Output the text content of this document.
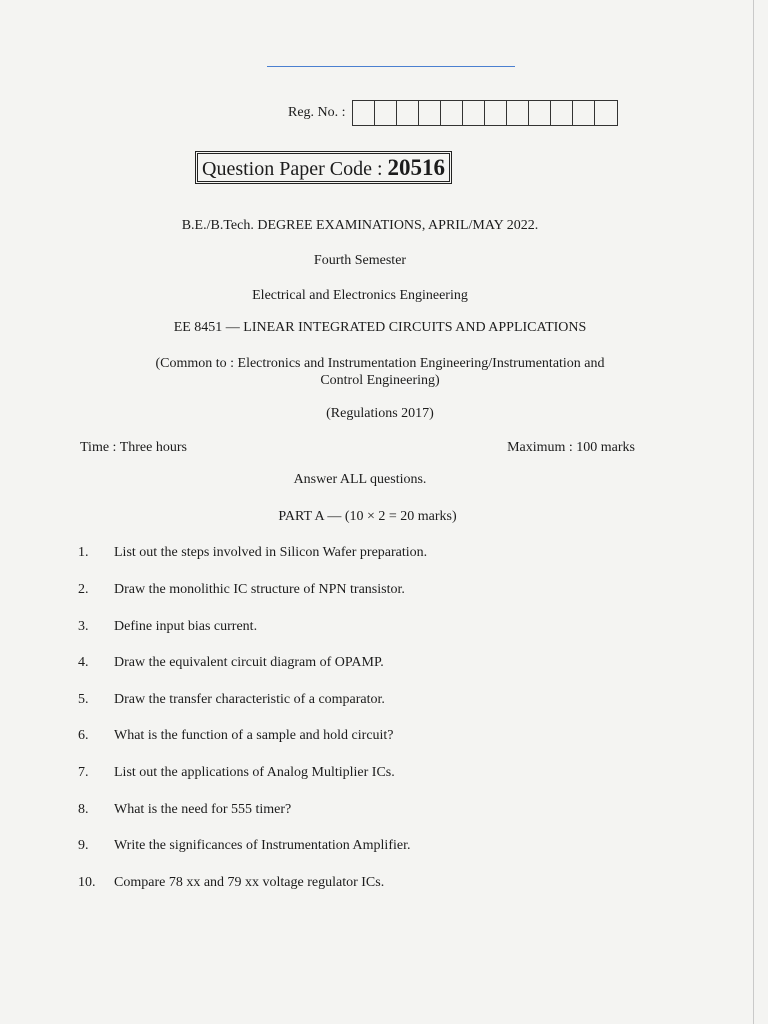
Reg. No. :
Question Paper Code : 20516
B.E./B.Tech. DEGREE EXAMINATIONS, APRIL/MAY 2022.
Fourth Semester
Electrical and Electronics Engineering
EE 8451 — LINEAR INTEGRATED CIRCUITS AND APPLICATIONS
(Common to : Electronics and Instrumentation Engineering/Instrumentation and
Control Engineering)
(Regulations 2017)
Time : Three hours	Maximum : 100 marks
Answer ALL questions.
PART A — (10 × 2 = 20 marks)
1. List out the steps involved in Silicon Wafer preparation.
2. Draw the monolithic IC structure of NPN transistor.
3. Define input bias current.
4. Draw the equivalent circuit diagram of OPAMP.
5. Draw the transfer characteristic of a comparator.
6. What is the function of a sample and hold circuit?
7. List out the applications of Analog Multiplier ICs.
8. What is the need for 555 timer?
9. Write the significances of Instrumentation Amplifier.
10. Compare 78 xx and 79 xx voltage regulator ICs.
